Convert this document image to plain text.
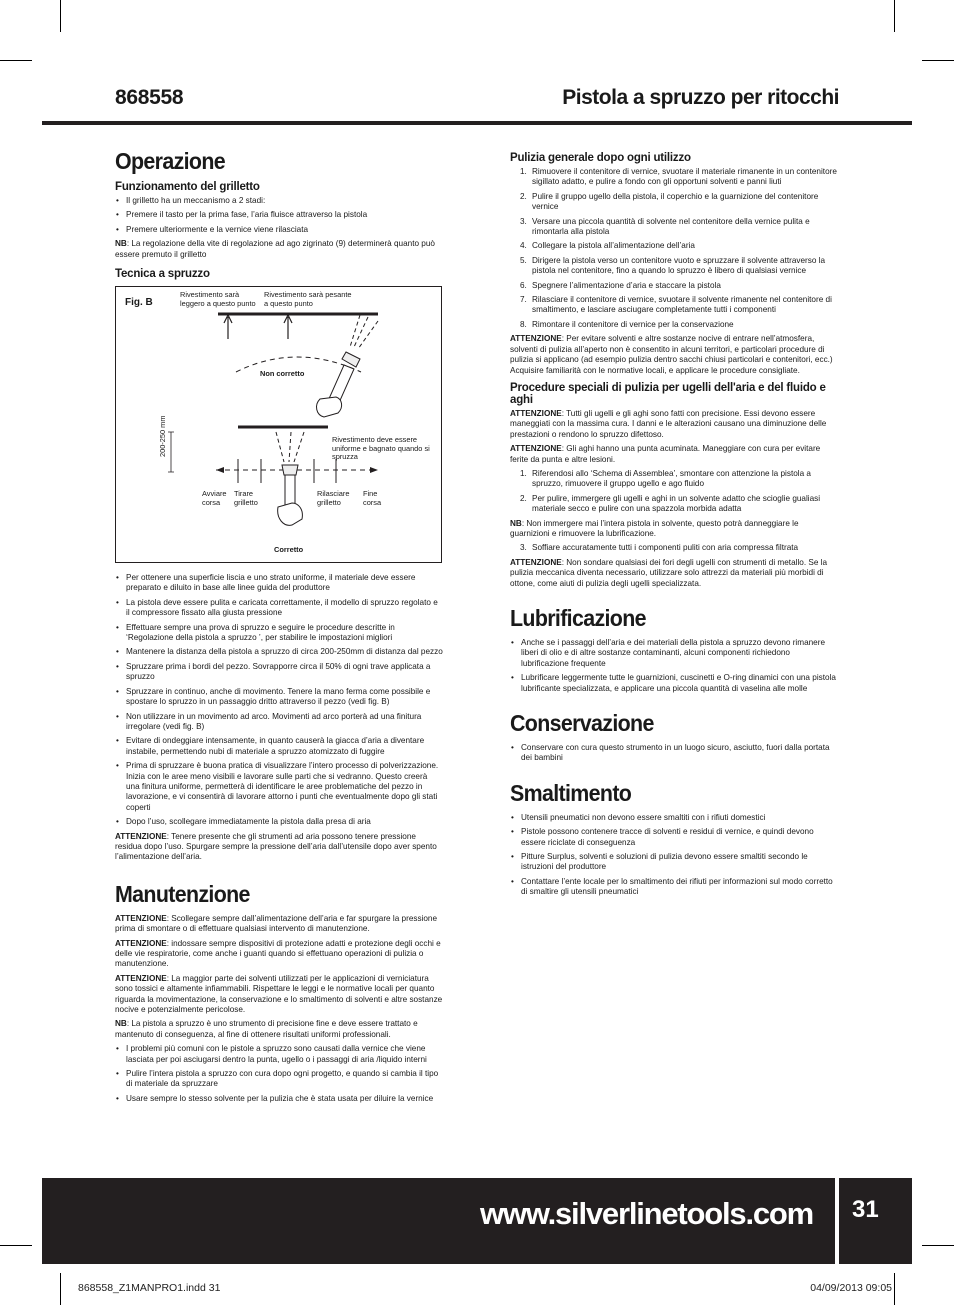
868558	Pistola a spruzzo per ritocchi
Operazione
Funzionamento del grilletto
• Il grilletto ha un meccanismo a 2 stadi:
• Premere il tasto per la prima fase, l’aria fluisce attraverso la pistola
• Premere ulteriormente e la vernice viene rilasciata

NB: La regolazione della vite di regolazione ad ago zigrinato (9) determinerà quanto può essere premuto il grilletto

Tecnica a spruzzo
Fig. B
Rivestimento sarà leggero a questo punto
Rivestimento sarà pesante a questo punto
Non corretto
200-250 mm	Rivestimento deve essere uniforme e bagnato quando si spruzza
Avviare corsa
Tirare grilletto
Rilasciare grilletto
Fine corsa
Corretto
• Per ottenere una superficie liscia e uno strato uniforme, il materiale deve essere preparato e diluito in base alle linee guida del produttore
• La pistola deve essere pulita e caricata correttamente, il modello di spruzzo regolato e il compressore fissato alla giusta pressione
• Effettuare sempre una prova di spruzzo e seguire le procedure descritte in ‘Regolazione della pistola a spruzzo ’, per stabilire le impostazioni migliori
• Mantenere la distanza della pistola a spruzzo di circa 200-250mm di distanza dal pezzo
• Spruzzare prima i bordi del pezzo. Sovrapporre circa il 50% di ogni trave applicata a spruzzo
• Spruzzare in continuo, anche di movimento. Tenere la mano ferma come possibile e spostare lo spruzzo in un passaggio dritto attraverso il pezzo (vedi fig. B)
• Non utilizzare in un movimento ad arco. Movimenti ad arco porterà ad una finitura irregolare (vedi fig. B)
• Evitare di ondeggiare intensamente, in quanto causerà la giacca d’aria a diventare instabile, permettendo nubi di materiale a spruzzo atomizzato di fuggire
• Prima di spruzzare è buona pratica di visualizzare l’intero processo di polverizzazione. Inizia con le aree meno visibili e lavorare sulle parti che si vedranno. Questo creerà una finitura uniforme, permetterà di identificare le aree problematiche del pezzo in lavorazione, e vi consentirà di lavorare attorno i punti che eventualmente dopo gli stati coperti
• Dopo l’uso, scollegare immediatamente la pistola dalla presa di aria

ATTENZIONE: Tenere presente che gli strumenti ad aria possono tenere pressione residua dopo l’uso. Spurgare sempre la pressione dell’aria dall’utensile dopo aver spento l’alimentazione dell’aria.

Manutenzione

ATTENZIONE: Scollegare sempre dall’alimentazione dell’aria e far spurgare la pressione prima di smontare o di effettuare qualsiasi intervento di manutenzione.

ATTENZIONE: indossare sempre dispositivi di protezione adatti e protezione degli occhi e delle vie respiratorie, come anche i guanti quando si effettuano operazioni di pulizia o manutenzione.

ATTENZIONE: La maggior parte dei solventi utilizzati per le applicazioni di verniciatura sono tossici e altamente infiammabili. Rispettare le leggi e le normative locali per quanto riguarda la movimentazione, la conservazione e lo smaltimento di solventi e altre sostanze nocive e potenzialmente pericolose.

NB: La pistola a spruzzo è uno strumento di precisione fine e deve essere trattato e mantenuto di conseguenza, al fine di ottenere risultati uniformi professionali.

• I problemi più comuni con le pistole a spruzzo sono causati dalla vernice che viene lasciata per poi asciugarsi dentro la punta, ugello o i passaggi di aria /liquido interni
• Pulire l’intera pistola a spruzzo con cura dopo ogni progetto, e quando si cambia il tipo di materiale da spruzzare
• Usare sempre lo stesso solvente per la pulizia che è stata usata per diluire la vernice
Pulizia generale dopo ogni utilizzo
1. Rimuovere il contenitore di vernice, svuotare il materiale rimanente in un contenitore sigillato adatto, e pulire a fondo con gli opportuni solventi e panni liuti
2. Pulire il gruppo ugello della pistola, il coperchio e la guarnizione del contenitore vernice
3. Versare una piccola quantità di solvente nel contenitore della vernice pulita e rimontarla alla pistola
4. Collegare la pistola all’alimentazione dell’aria
5. Dirigere la pistola verso un contenitore vuoto e spruzzare il solvente attraverso la pistola nel contenitore, fino a quando lo spruzzo è libero di qualsiasi vernice
6. Spegnere l’alimentazione d’aria e staccare la pistola
7. Rilasciare il contenitore di vernice, svuotare il solvente rimanente nel contenitore di smaltimento, e lasciare asciugare completamente tutti i componenti
8. Rimontare il contenitore di vernice per la conservazione

ATTENZIONE: Per evitare solventi e altre sostanze nocive di entrare nell’atmosfera, solventi di pulizia all’aperto non è consentito in alcuni territori, e particolari procedure di pulizia si applicano (ad esempio pulizia dentro sacchi chiusi particolari e contenitori, ecc.) Acquisire familiarità con le normative locali, e applicare le procedure consigliate.

Procedure speciali di pulizia per ugelli dell'aria e del fluido e aghi

ATTENZIONE: Tutti gli ugelli e gli aghi sono fatti con precisione. Essi devono essere maneggiati con la massima cura. I danni e le alterazioni causano una diminuzione delle prestazioni o rendono lo spruzzo difettoso.

ATTENZIONE: Gli aghi hanno una punta acuminata. Maneggiare con cura per evitare ferite da punta e altre lesioni.

1. Riferendosi allo ‘Schema di Assemblea’, smontare con attenzione la pistola a spruzzo, rimuovere il gruppo ugello e ago fluido
2. Per pulire, immergere gli ugelli e aghi in un solvente adatto che scioglie gualiasi materiale secco e pulire con una spazzola morbida adatta

NB: Non immergere mai l’intera pistola in solvente, questo potrà danneggiare le guarnizioni e rimuovere la lubrificazione.

3. Soffiare accuratamente tutti i componenti puliti con aria compressa filtrata

ATTENZIONE: Non sondare qualsiasi dei fori degli ugelli con strumenti di metallo. Se la pulizia meccanica diventa necessario, utilizzare solo attrezzi da materiali più morbidi di ottone, come aiuti di pulizia degli ugelli specializzata.

Lubrificazione
• Anche se i passaggi dell’aria e dei materiali della pistola a spruzzo devono rimanere liberi di olio e di altre sostanze contaminanti, alcuni componenti richiedono lubrificazione frequente
• Lubrificare leggermente tutte le guarnizioni, cuscinetti e O-ring dinamici con una pistola lubrificante specializzata, e applicare una piccola quantità di vaselina alle molle
Conservazione
• Conservare con cura questo strumento in un luogo sicuro, asciutto, fuori dalla portata dei bambini
Smaltimento
• Utensili pneumatici non devono essere smaltiti con i rifiuti domestici
• Pistole possono contenere tracce di solventi e residui di vernice, e quindi devono essere riciclate di conseguenza
• Pitture Surplus, solventi e soluzioni di pulizia devono essere smaltiti secondo le istruzioni del produttore
• Contattare l’ente locale per lo smaltimento dei rifiuti per informazioni sul modo corretto di smaltire gli utensili pneumatici
www.silverlinetools.com 31
868558_Z1MANPRO1.indd 31	04/09/2013 09:05
